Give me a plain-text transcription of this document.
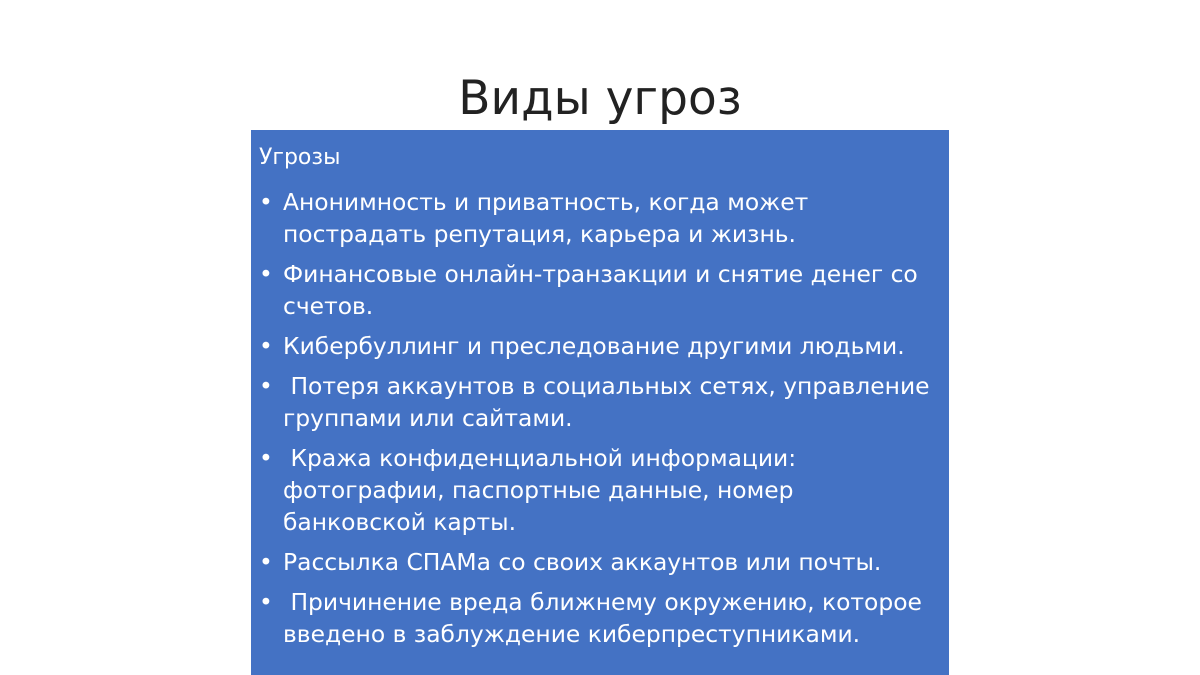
Виды угроз
Угрозы
• Анонимность и приватность, когда может
пострадать репутация, карьера и жизнь.
• Финансовые онлайн-транзакции и снятие денег со
счетов.
• Кибербуллинг и преследование другими людьми.
• Потеря аккаунтов в социальных сетях, управление
группами или сайтами.
• Кража конфиденциальной информации:
фотографии, паспортные данные, номер
банковской карты.
• Рассылка СПАМа со своих аккаунтов или почты.
• Причинение вреда ближнему окружению, которое
введено в заблуждение киберпреступниками.
